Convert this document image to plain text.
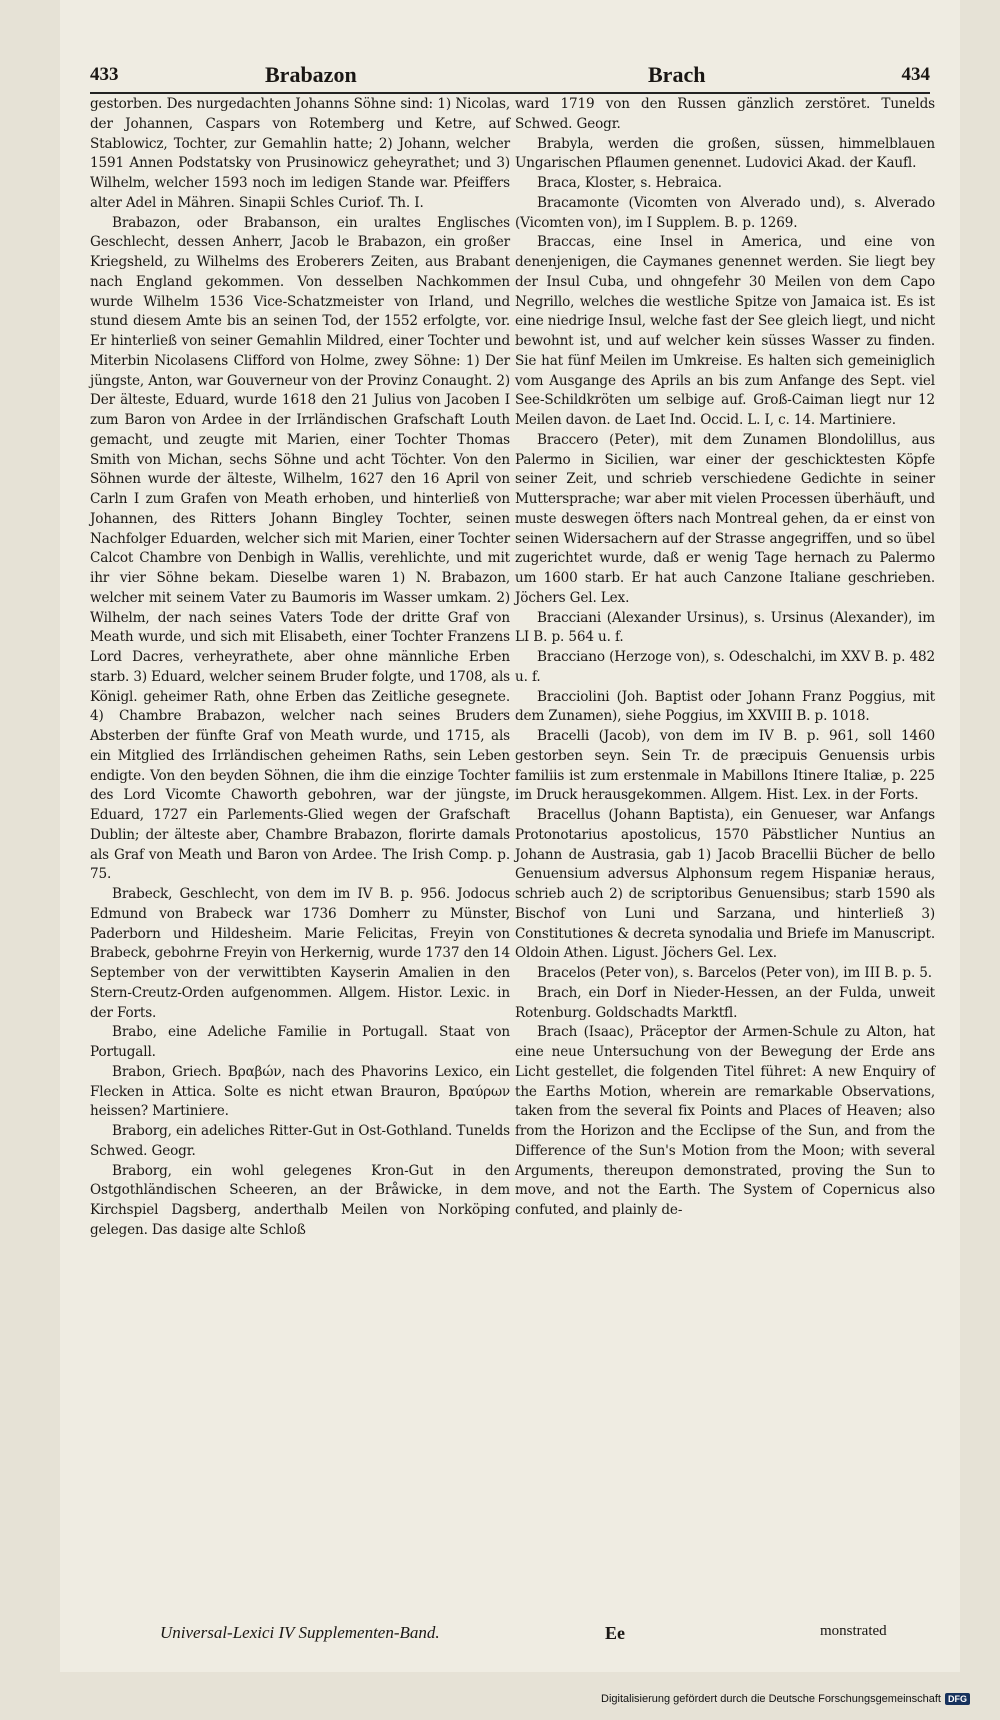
433	Brabazon	Brach	434

gestorben. Des nurgedachten Johanns Söhne sind: 1) Nicolas, der Johannen, Caspars von Rotemberg und Ketre, auf Stablowicz, Tochter, zur Gemahlin hatte; 2) Johann, welcher 1591 Annen Podstatsky von Prusinowicz geheyrathet; und 3) Wilhelm, welcher 1593 noch im ledigen Stande war. Pfeiffers alter Adel in Mähren. Sinapii Schles Curiof. Th. I.

Brabazon, oder Brabanson, ein uraltes Englisches Geschlecht, dessen Anherr, Jacob le Brabazon, ein großer Kriegsheld, zu Wilhelms des Eroberers Zeiten, aus Brabant nach England gekommen. Von desselben Nachkommen wurde Wilhelm 1536 Vice-Schatzmeister von Irland, und stund diesem Amte bis an seinen Tod, der 1552 erfolgte, vor. Er hinterließ von seiner Gemahlin Mildred, einer Tochter und Miterbin Nicolasens Clifford von Holme, zwey Söhne: 1) Der jüngste, Anton, war Gouverneur von der Provinz Conaught. 2) Der älteste, Eduard, wurde 1618 den 21 Julius von Jacoben I zum Baron von Ardee in der Irrländischen Grafschaft Louth gemacht, und zeugte mit Marien, einer Tochter Thomas Smith von Michan, sechs Söhne und acht Töchter. Von den Söhnen wurde der älteste, Wilhelm, 1627 den 16 April von Carln I zum Grafen von Meath erhoben, und hinterließ von Johannen, des Ritters Johann Bingley Tochter, seinen Nachfolger Eduarden, welcher sich mit Marien, einer Tochter Calcot Chambre von Denbigh in Wallis, verehlichte, und mit ihr vier Söhne bekam. Dieselbe waren 1) N. Brabazon, welcher mit seinem Vater zu Baumoris im Wasser umkam. 2) Wilhelm, der nach seines Vaters Tode der dritte Graf von Meath wurde, und sich mit Elisabeth, einer Tochter Franzens Lord Dacres, verheyrathete, aber ohne männliche Erben starb. 3) Eduard, welcher seinem Bruder folgte, und 1708, als Königl. geheimer Rath, ohne Erben das Zeitliche gesegnete. 4) Chambre Brabazon, welcher nach seines Bruders Absterben der fünfte Graf von Meath wurde, und 1715, als ein Mitglied des Irrländischen geheimen Raths, sein Leben endigte. Von den beyden Söhnen, die ihm die einzige Tochter des Lord Vicomte Chaworth gebohren, war der jüngste, Eduard, 1727 ein Parlements-Glied wegen der Grafschaft Dublin; der älteste aber, Chambre Brabazon, florirte damals als Graf von Meath und Baron von Ardee. The Irish Comp. p. 75.

Brabeck, Geschlecht, von dem im IV B. p. 956. Jodocus Edmund von Brabeck war 1736 Domherr zu Münster, Paderborn und Hildesheim. Marie Felicitas, Freyin von Brabeck, gebohrne Freyin von Herkernig, wurde 1737 den 14 September von der verwittibten Kayserin Amalien in den Stern-Creutz-Orden aufgenommen. Allgem. Histor. Lexic. in der Forts.

Brabo, eine Adeliche Familie in Portugall. Staat von Portugall.

Brabon, Griech. Βραβών, nach des Phavorins Lexico, ein Flecken in Attica. Solte es nicht etwan Brauron, Βραύρων heissen? Martiniere.

Braborg, ein adeliches Ritter-Gut in Ost-Gothland. Tunelds Schwed. Geogr.

Braborg, ein wohl gelegenes Kron-Gut in den Ostgothländischen Scheeren, an der Bråwicke, in dem Kirchspiel Dagsberg, anderthalb Meilen von Norköping gelegen. Das dasige alte Schloß

ward 1719 von den Russen gänzlich zerstöret. Tunelds Schwed. Geogr.

Brabyla, werden die großen, süssen, himmelblauen Ungarischen Pflaumen genennet. Ludovici Akad. der Kaufl.

Braca, Kloster, s. Hebraica.

Bracamonte (Vicomten von Alverado und), s. Alverado (Vicomten von), im I Supplem. B. p. 1269.

Braccas, eine Insel in America, und eine von denenjenigen, die Caymanes genennet werden. Sie liegt bey der Insul Cuba, und ohngefehr 30 Meilen von dem Capo Negrillo, welches die westliche Spitze von Jamaica ist. Es ist eine niedrige Insul, welche fast der See gleich liegt, und nicht bewohnt ist, und auf welcher kein süsses Wasser zu finden. Sie hat fünf Meilen im Umkreise. Es halten sich gemeiniglich vom Ausgange des Aprils an bis zum Anfange des Sept. viel See-Schildkröten um selbige auf. Groß-Caiman liegt nur 12 Meilen davon. de Laet Ind. Occid. L. I, c. 14. Martiniere.

Braccero (Peter), mit dem Zunamen Blondolillus, aus Palermo in Sicilien, war einer der geschicktesten Köpfe seiner Zeit, und schrieb verschiedene Gedichte in seiner Muttersprache; war aber mit vielen Processen überhäuft, und muste deswegen öfters nach Montreal gehen, da er einst von seinen Widersachern auf der Strasse angegriffen, und so übel zugerichtet wurde, daß er wenig Tage hernach zu Palermo um 1600 starb. Er hat auch Canzone Italiane geschrieben. Jöchers Gel. Lex.

Bracciani (Alexander Ursinus), s. Ursinus (Alexander), im LI B. p. 564 u. f.

Bracciano (Herzoge von), s. Odeschalchi, im XXV B. p. 482 u. f.

Bracciolini (Joh. Baptist oder Johann Franz Poggius, mit dem Zunamen), siehe Poggius, im XXVIII B. p. 1018.

Bracelli (Jacob), von dem im IV B. p. 961, soll 1460 gestorben seyn. Sein Tr. de præcipuis Genuensis urbis familiis ist zum erstenmale in Mabillons Itinere Italiæ, p. 225 im Druck herausgekommen. Allgem. Hist. Lex. in der Forts.

Bracellus (Johann Baptista), ein Genueser, war Anfangs Protonotarius apostolicus, 1570 Päbstlicher Nuntius an Johann de Austrasia, gab 1) Jacob Bracellii Bücher de bello Genuensium adversus Alphonsum regem Hispaniæ heraus, schrieb auch 2) de scriptoribus Genuensibus; starb 1590 als Bischof von Luni und Sarzana, und hinterließ 3) Constitutiones & decreta synodalia und Briefe im Manuscript. Oldoin Athen. Ligust. Jöchers Gel. Lex.

Bracelos (Peter von), s. Barcelos (Peter von), im III B. p. 5.

Brach, ein Dorf in Nieder-Hessen, an der Fulda, unweit Rotenburg. Goldschadts Marktfl.

Brach (Isaac), Präceptor der Armen-Schule zu Alton, hat eine neue Untersuchung von der Bewegung der Erde ans Licht gestellet, die folgenden Titel führet: A new Enquiry of the Earths Motion, wherein are remarkable Observations, taken from the several fix Points and Places of Heaven; also from the Horizon and the Ecclipse of the Sun, and from the Difference of the Sun's Motion from the Moon; with several Arguments, thereupon demonstrated, proving the Sun to move, and not the Earth. The System of Copernicus also confuted, and plainly de-

Universal-Lexici IV Supplementen-Band.	Ee	monstrated
Digitalisierung gefördert durch die Deutsche Forschungsgemeinschaft DFG
